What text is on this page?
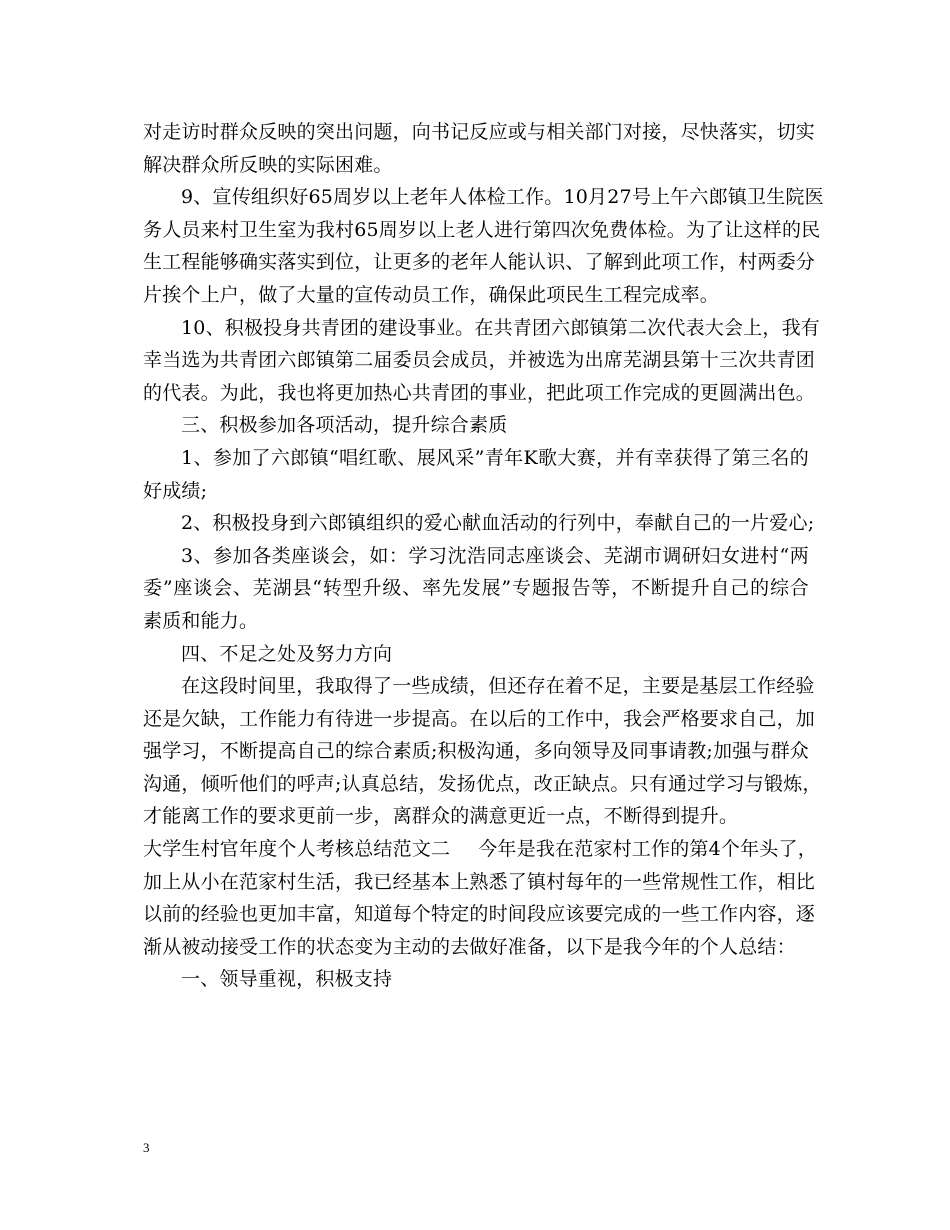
对走访时群众反映的突出问题，向书记反应或与相关部门对接，尽快落实，切实
解决群众所反映的实际困难。
9、宣传组织好65周岁以上老年人体检工作。10月27号上午六郎镇卫生院医
务人员来村卫生室为我村65周岁以上老人进行第四次免费体检。为了让这样的民
生工程能够确实落实到位，让更多的老年人能认识、了解到此项工作，村两委分
片挨个上户，做了大量的宣传动员工作，确保此项民生工程完成率。
10、积极投身共青团的建设事业。在共青团六郎镇第二次代表大会上，我有
幸当选为共青团六郎镇第二届委员会成员，并被选为出席芜湖县第十三次共青团
的代表。为此，我也将更加热心共青团的事业，把此项工作完成的更圆满出色。
三、积极参加各项活动，提升综合素质
1、参加了六郎镇“唱红歌、展风采”青年K歌大赛，并有幸获得了第三名的
好成绩;
2、积极投身到六郎镇组织的爱心献血活动的行列中，奉献自己的一片爱心;
3、参加各类座谈会，如：学习沈浩同志座谈会、芜湖市调研妇女进村“两
委”座谈会、芜湖县“转型升级、率先发展”专题报告等，不断提升自己的综合
素质和能力。
四、不足之处及努力方向
在这段时间里，我取得了一些成绩，但还存在着不足，主要是基层工作经验
还是欠缺，工作能力有待进一步提高。在以后的工作中，我会严格要求自己，加
强学习，不断提高自己的综合素质;积极沟通，多向领导及同事请教;加强与群众
沟通，倾听他们的呼声;认真总结，发扬优点，改正缺点。只有通过学习与锻炼，
才能离工作的要求更前一步，离群众的满意更近一点，不断得到提升。
大学生村官年度个人考核总结范文二 今年是我在范家村工作的第4个年头了，
加上从小在范家村生活，我已经基本上熟悉了镇村每年的一些常规性工作，相比
以前的经验也更加丰富，知道每个特定的时间段应该要完成的一些工作内容，逐
渐从被动接受工作的状态变为主动的去做好准备，以下是我今年的个人总结：
一、领导重视，积极支持
3
